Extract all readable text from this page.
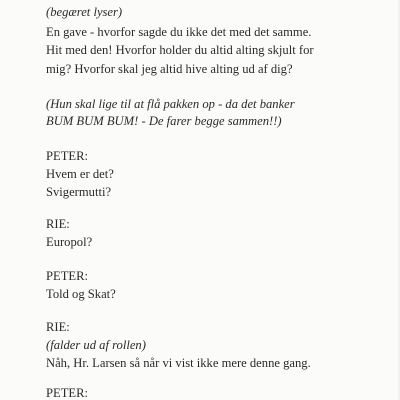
(begæret lyser)
En gave - hvorfor sagde du ikke det med det samme.
Hit med den! Hvorfor holder du altid alting skjult for
mig? Hvorfor skal jeg altid hive alting ud af dig?
(Hun skal lige til at flå pakken op - da det banker
BUM BUM BUM! - De farer begge sammen!!)
PETER:
Hvem er det?
Svigermutti?
RIE:
Europol?
PETER:
Told og Skat?
RIE:
(falder ud af rollen)
Nåh, Hr. Larsen så når vi vist ikke mere denne gang.
PETER:
